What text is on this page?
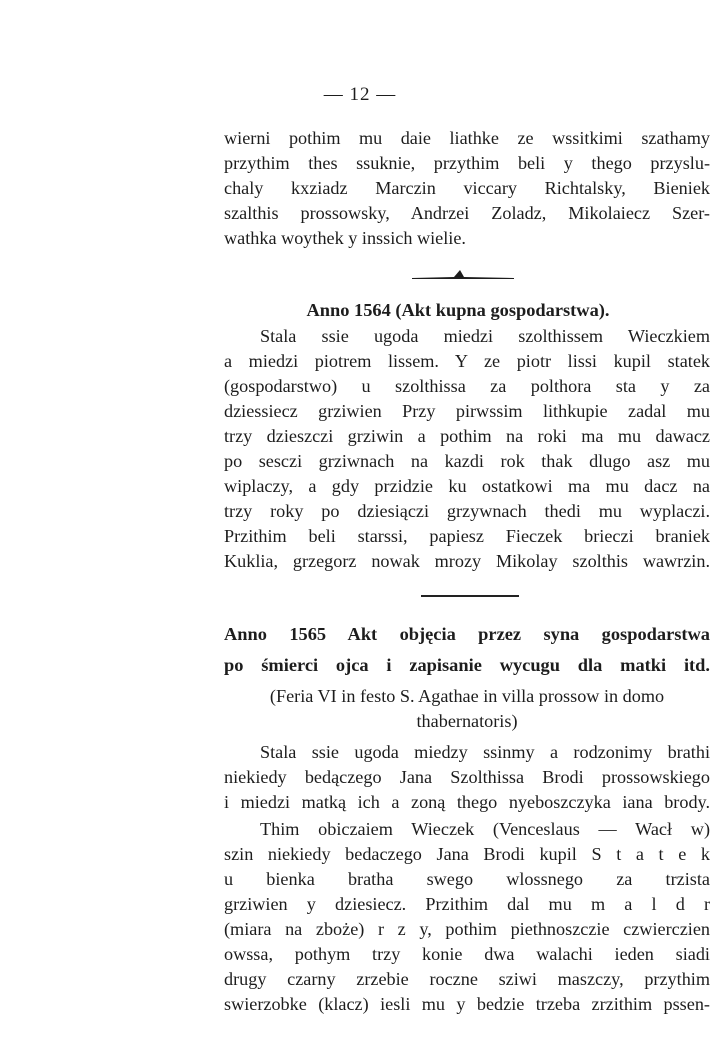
— 12 —
wierni pothim mu daie liathke ze wssitkimi szathamy
przythim thes ssuknie, przythim beli y thego przyslu-
chaly kxziadz Marczin viccary Richtalsky, Bieniek
szalthis prossowsky, Andrzei Zoladz, Mikolaiecz Szer-
wathka woythek y inssich wielie.
Anno 1564 (Akt kupna gospodarstwa).
Stala ssie ugoda miedzi szolthissem Wieczkiem
a miedzi piotrem lissem. Y ze piotr lissi kupil statek
(gospodarstwo) u szolthissa za polthora sta y za
dziessiecz grziwien Przy pirwssim lithkupie zadal mu
trzy dzieszczi grziwin a pothim na roki ma mu dawacz
po sesczi grziwnach na kazdi rok thak dlugo asz mu
wiplaczy, a gdy przidzie ku ostatkowi ma mu dacz na
trzy roky po dziesiączi grzywnach thedi mu wyplaczi.
Przithim beli starssi, papiesz Fieczek brieczi braniek
Kuklia, grzegorz nowak mrozy Mikolay szolthis wawrzin.
Anno 1565 Akt objęcia przez syna gospodarstwa
po śmierci ojca i zapisanie wycugu dla matki itd.
(Feria VI in festo S. Agathae in villa prossow in domo
thabernatoris)
Stala ssie ugoda miedzy ssinmy a rodzonimy brathi
niekiedy bedączego Jana Szolthissa Brodi prossowskiego
i miedzi matką ich a zoną thego nyeboszczyka iana brody.
Thim obiczaiem Wieczek (Venceslaus — Wacł w)
szin niekiedy bedaczego Jana Brodi kupil S t a t e k
u bienka bratha swego wlossnego za trzista
grziwien y dziesiecz. Przithim dal mu m a l d r
(miara na zboże) r z y, pothim piethnoszczie czwierczien
owssa, pothym trzy konie dwa walachi ieden siadi
drugy czarny zrzebie roczne sziwi maszczy, przythim
swierzobke (klacz) iesli mu y bedzie trzeba zrzithim pssen-
